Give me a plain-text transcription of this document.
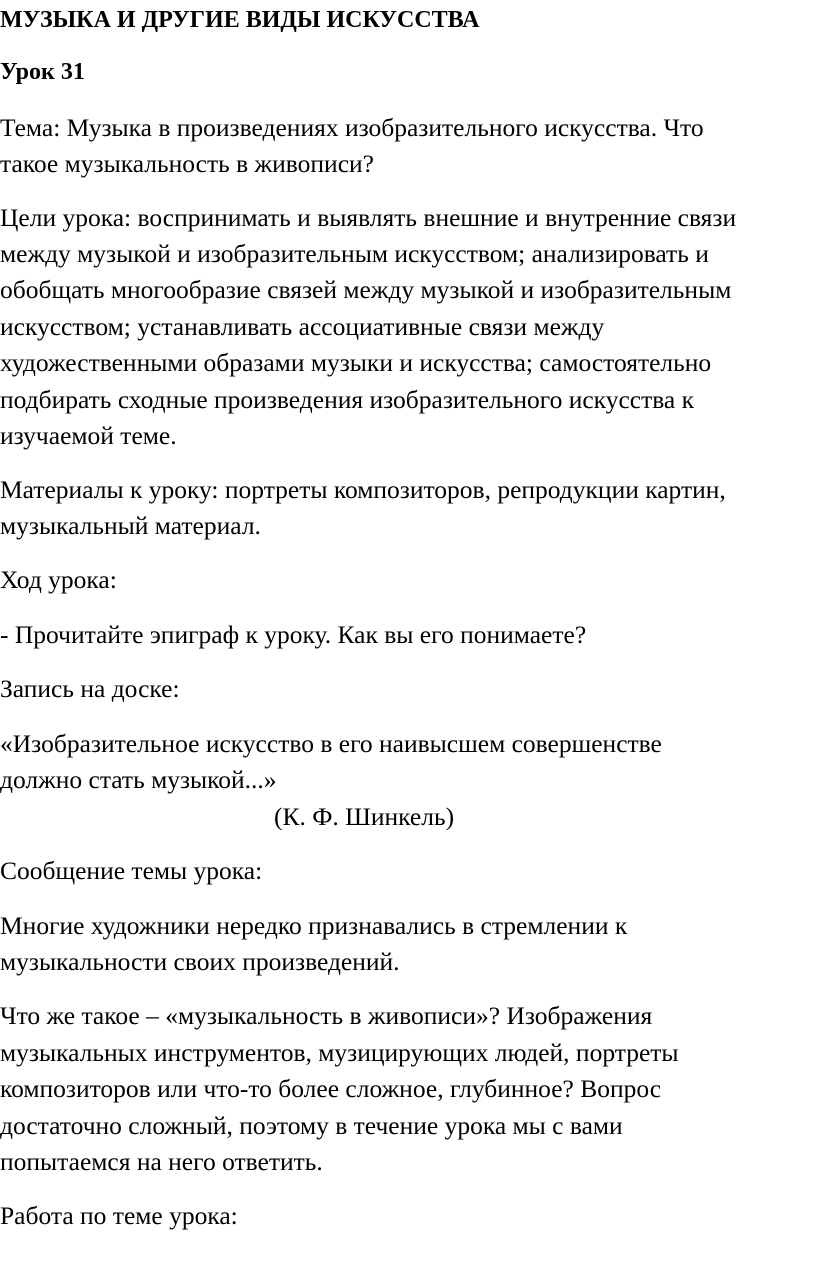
МУЗЫКА И ДРУГИЕ ВИДЫ ИСКУССТВА
Урок 31
Тема: Музыка в произведениях изобразительного искусства. Что
такое музыкальность в живописи?
Цели урока: воспринимать и выявлять внешние и внутренние связи
между музыкой и изобразительным искусством; анализировать и
обобщать многообразие связей между музыкой и изобразительным
искусством; устанавливать ассоциативные связи между
художественными образами музыки и искусства; самостоятельно
подбирать сходные произведения изобразительного искусства к
изучаемой теме.
Материалы к уроку: портреты композиторов, репродукции картин,
музыкальный материал.
Ход урока:
- Прочитайте эпиграф к уроку. Как вы его понимаете?
Запись на доске:
«Изобразительное искусство в его наивысшем совершенстве
должно стать музыкой...»
(К. Ф. Шинкель)
Сообщение темы урока:
Многие художники нередко признавались в стремлении к
музыкальности своих произведений.
Что же такое – «музыкальность в живописи»? Изображения
музыкальных инструментов, музицирующих людей, портреты
композиторов или что-то более сложное, глубинное? Вопрос
достаточно сложный, поэтому в течение урока мы с вами
попытаемся на него ответить.
Работа по теме урока:
